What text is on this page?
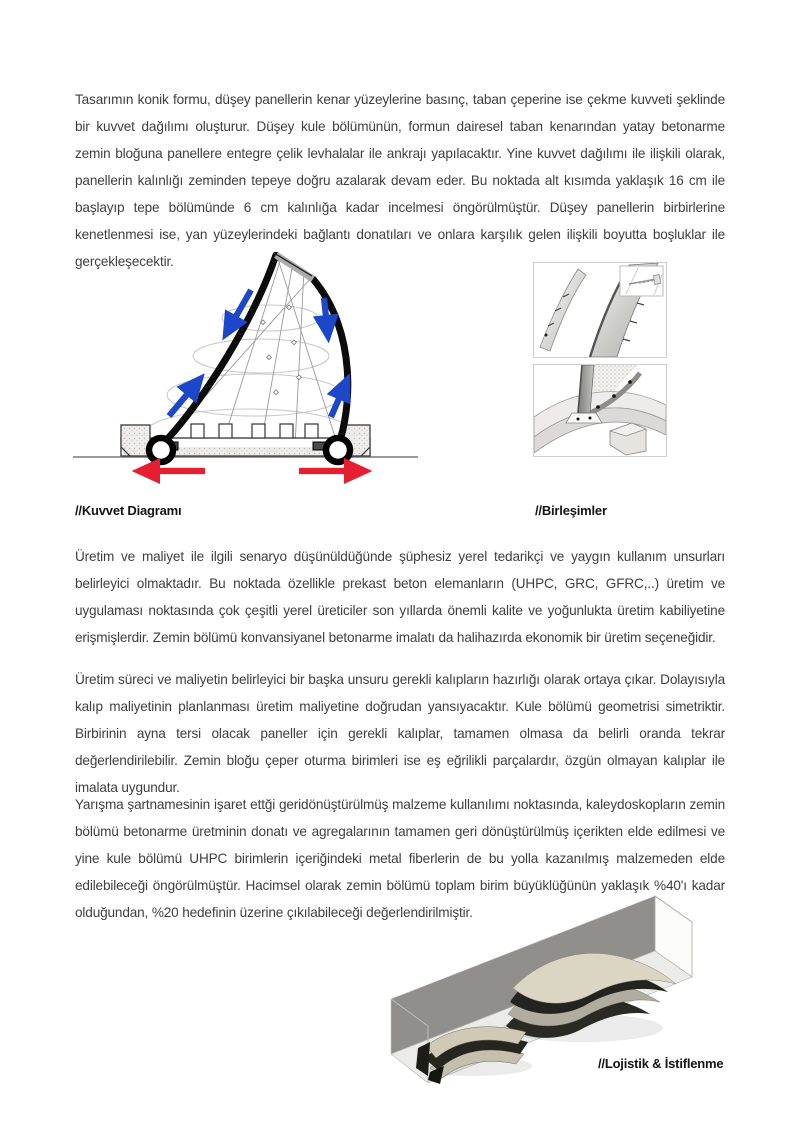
Tasarımın konik formu, düşey panellerin kenar yüzeylerine basınç, taban çeperine ise çekme kuvveti şeklinde bir kuvvet dağılımı oluşturur. Düşey kule bölümünün, formun dairesel taban kenarından yatay betonarme zemin bloğuna panellere entegre çelik levhalalar ile ankrajı yapılacaktır. Yine kuvvet dağılımı ile ilişkili olarak, panellerin kalınlığı zeminden tepeye doğru azalarak devam eder. Bu noktada alt kısımda yaklaşık 16 cm ile başlayıp tepe bölümünde 6 cm kalınlığa kadar incelmesi öngörülmüştür. Düşey panellerin birbirlerine kenetlenmesi ise, yan yüzeylerindeki bağlantı donatıları ve onlara karşılık gelen ilişkili boyutta boşluklar ile gerçekleşecektir.

Üretim ve maliyet ile ilgili senaryo düşünüldüğünde şüphesiz yerel tedarikçi ve yaygın kullanım unsurları belirleyici olmaktadır. Bu noktada özellikle prekast beton elemanların (UHPC, GRC, GFRC,..) üretim ve uygulaması noktasında çok çeşitli yerel üreticiler son yıllarda önemli kalite ve yoğunlukta üretim kabiliyetine erişmişlerdir. Zemin bölümü konvansiyanel betonarme imalatı da halihazırda ekonomik bir üretim seçeneğidir.

Üretim süreci ve maliyetin belirleyici bir başka unsuru gerekli kalıpların hazırlığı olarak ortaya çıkar. Dolayısıyla kalıp maliyetinin planlanması üretim maliyetine doğrudan yansıyacaktır. Kule bölümü geometrisi simetriktir. Birbirinin ayna tersi olacak paneller için gerekli kalıplar, tamamen olmasa da belirli oranda tekrar değerlendirilebilir. Zemin bloğu çeper oturma birimleri ise eş eğrilikli parçalardır, özgün olmayan kalıplar ile imalata uygundur.

Yarışma şartnamesinin işaret ettği geridönüştürülmüş malzeme kullanılımı noktasında, kaleydoskopların zemin bölümü betonarme üretminin donatı ve agregalarının tamamen geri dönüştürülmüş içerikten elde edilmesi ve yine kule bölümü UHPC birimlerin içeriğindeki metal fiberlerin de bu yolla kazanılmış malzemeden elde edilebileceği öngörülmüştür. Hacimsel olarak zemin bölümü toplam birim büyüklüğünün yaklaşık %40'ı kadar olduğundan, %20 hedefinin üzerine çıkılabileceği değerlendirilmiştir.

//Kuvvet Diagramı	//Birleşimler
//Lojistik & İstiflenme
